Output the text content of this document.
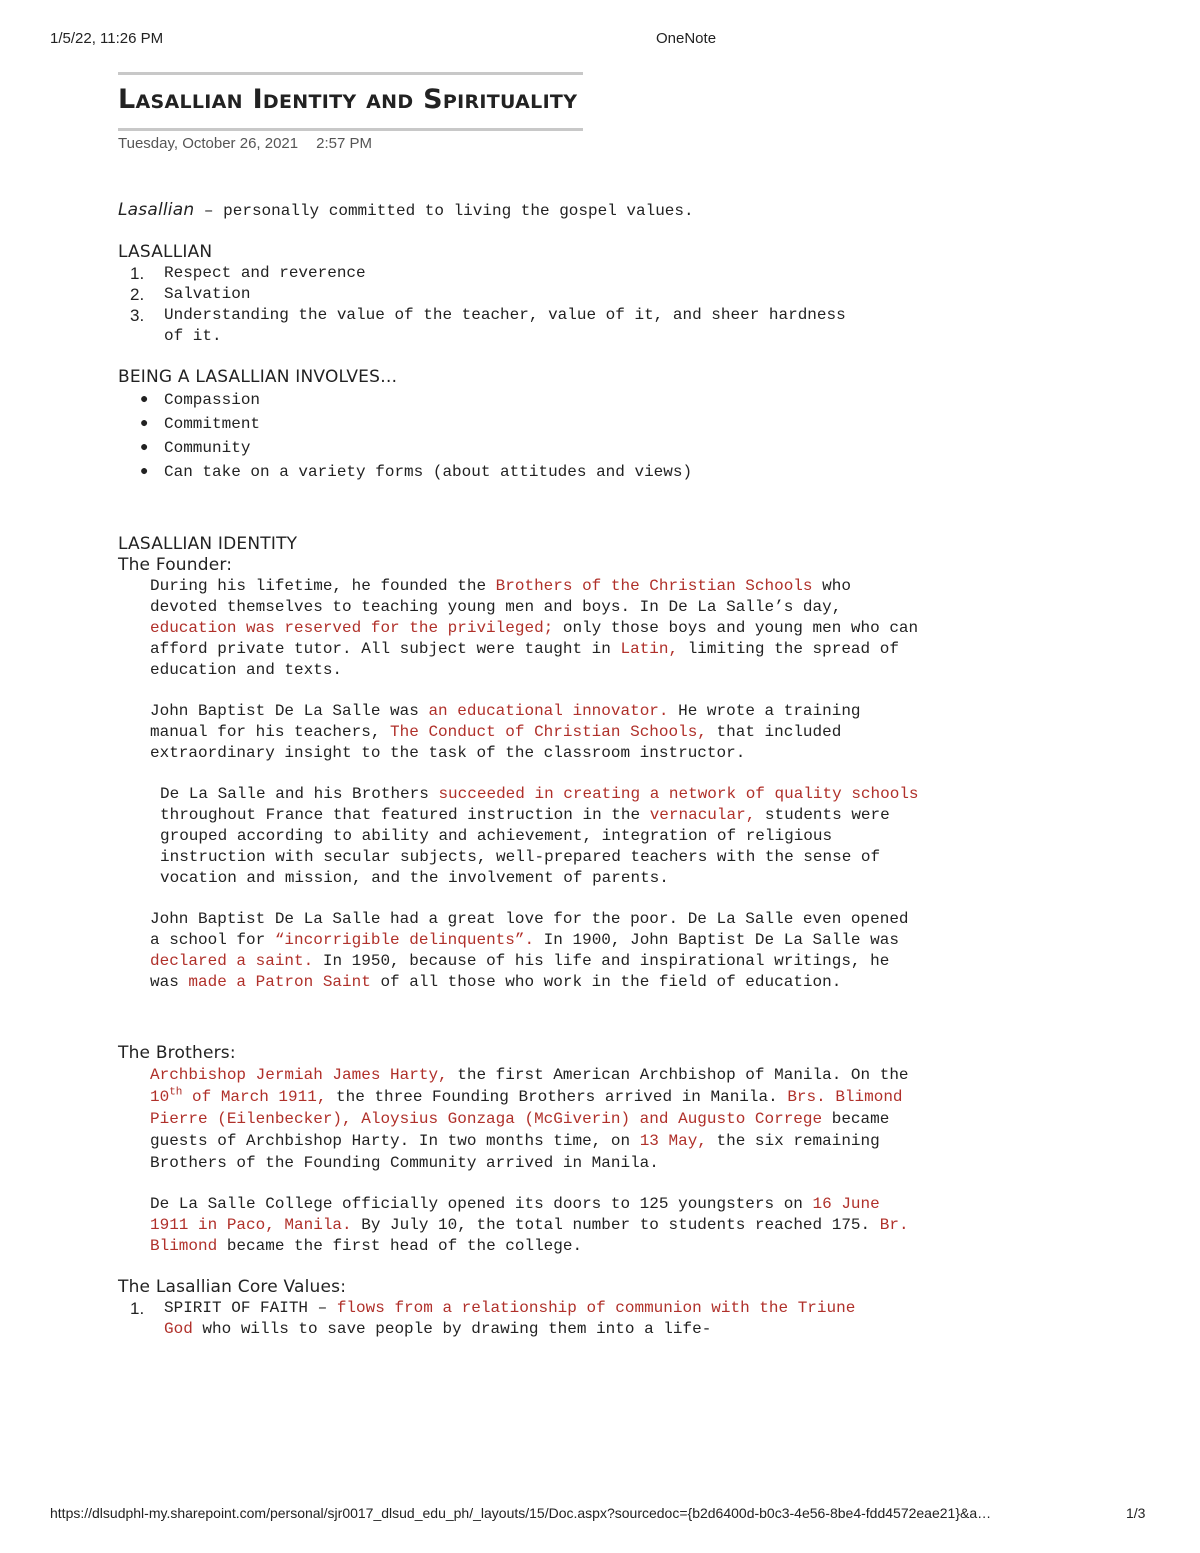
1/5/22, 11:26 PM	OneNote
Lasallian Identity and Spirituality
Tuesday, October 26, 2021 2:57 PM

Lasallian – personally committed to living the gospel values.

LASALLIAN

1. Respect and reverence
2. Salvation
3. Understanding the value of the teacher, value of it, and sheer hardness of it.

BEING A LASALLIAN INVOLVES…

● Compassion
● Commitment
● Community
● Can take on a variety forms (about attitudes and views)

LASALLIAN IDENTITY

The Founder:

During his lifetime, he founded the Brothers of the Christian Schools who devoted themselves to teaching young men and boys. In De La Salle’s day, education was reserved for the privileged; only those boys and young men who can afford private tutor. All subject were taught in Latin, limiting the spread of education and texts.

John Baptist De La Salle was an educational innovator. He wrote a training manual for his teachers, The Conduct of Christian Schools, that included extraordinary insight to the task of the classroom instructor.

De La Salle and his Brothers succeeded in creating a network of quality schools throughout France that featured instruction in the vernacular, students were grouped according to ability and achievement, integration of religious instruction with secular subjects, well-prepared teachers with the sense of vocation and mission, and the involvement of parents.

John Baptist De La Salle had a great love for the poor. De La Salle even opened a school for “incorrigible delinquents”. In 1900, John Baptist De La Salle was declared a saint. In 1950, because of his life and inspirational writings, he was made a Patron Saint of all those who work in the field of education.

The Brothers:

Archbishop Jermiah James Harty, the first American Archbishop of Manila. On the 10th of March 1911, the three Founding Brothers arrived in Manila. Brs. Blimond Pierre (Eilenbecker), Aloysius Gonzaga (McGiverin) and Augusto Correge became guests of Archbishop Harty. In two months time, on 13 May, the six remaining Brothers of the Founding Community arrived in Manila.

De La Salle College officially opened its doors to 125 youngsters on 16 June 1911 in Paco, Manila. By July 10, the total number to students reached 175. Br. Blimond became the first head of the college.

The Lasallian Core Values:

1. SPIRIT OF FAITH – flows from a relationship of communion with the Triune God who wills to save people by drawing them into a life-
https://dlsudphl-my.sharepoint.com/personal/sjr0017_dlsud_edu_ph/_layouts/15/Doc.aspx?sourcedoc={b2d6400d-b0c3-4e56-8be4-fdd4572eae21}&a…	1/3
